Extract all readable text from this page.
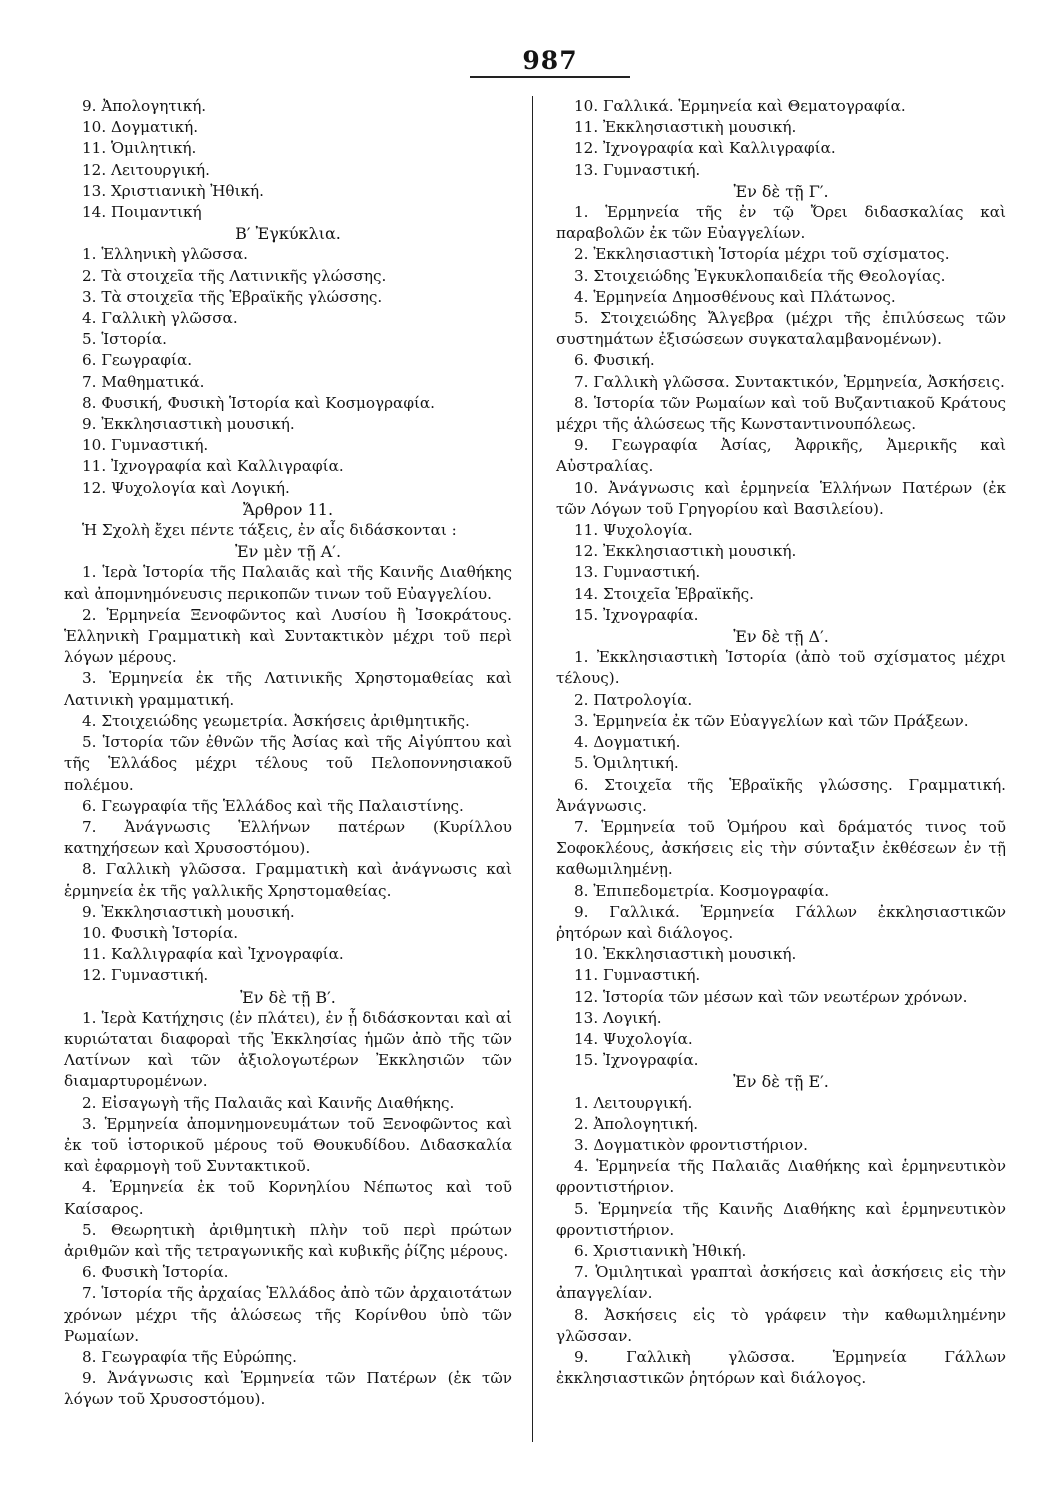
987

9. Ἀπολογητική.

10. Δογματική.

11. Ὁμιλητική.

12. Λειτουργική.

13. Χριστιανικὴ Ἠθική.

14. Ποιμαντική

Β′ Ἐγκύκλια.

1. Ἑλληνικὴ γλῶσσα.

2. Τὰ στοιχεῖα τῆς Λατινικῆς γλώσσης.

3. Τὰ στοιχεῖα τῆς Ἑβραϊκῆς γλώσσης.

4. Γαλλικὴ γλῶσσα.

5. Ἱστορία.

6. Γεωγραφία.

7. Μαθηματικά.

8. Φυσική, Φυσικὴ Ἱστορία καὶ Κοσμογραφία.

9. Ἐκκλησιαστικὴ μουσική.

10. Γυμναστική.

11. Ἰχνογραφία καὶ Καλλιγραφία.

12. Ψυχολογία καὶ Λογική.

Ἄρθρον 11.

Ἡ Σχολὴ ἔχει πέντε τάξεις, ἐν αἷς διδάσκονται :

Ἐν μὲν τῇ Α′.

1. Ἱερὰ Ἱστορία τῆς Παλαιᾶς καὶ τῆς Καινῆς Διαθήκης καὶ ἀπομνημόνευσις περικοπῶν τινων τοῦ Εὐαγγελίου.

2. Ἑρμηνεία Ξενοφῶντος καὶ Λυσίου ἢ Ἰσοκράτους. Ἑλληνικὴ Γραμματικὴ καὶ Συντακτικὸν μέχρι τοῦ περὶ λόγων μέρους.

3. Ἑρμηνεία ἐκ τῆς Λατινικῆς Χρηστομαθείας καὶ Λατινικὴ γραμματική.

4. Στοιχειώδης γεωμετρία. Ἀσκήσεις ἀριθμητικῆς.

5. Ἱστορία τῶν ἐθνῶν τῆς Ἀσίας καὶ τῆς Αἰγύπτου καὶ τῆς Ἑλλάδος μέχρι τέλους τοῦ Πελοποννησιακοῦ πολέμου.

6. Γεωγραφία τῆς Ἑλλάδος καὶ τῆς Παλαιστίνης.

7. Ἀνάγνωσις Ἑλλήνων πατέρων (Κυρίλλου κατηχήσεων καὶ Χρυσοστόμου).

8. Γαλλικὴ γλῶσσα. Γραμματικὴ καὶ ἀνάγνωσις καὶ ἑρμηνεία ἐκ τῆς γαλλικῆς Χρηστομαθείας.

9. Ἐκκλησιαστικὴ μουσική.

10. Φυσικὴ Ἱστορία.

11. Καλλιγραφία καὶ Ἰχνογραφία.

12. Γυμναστική.

Ἐν δὲ τῇ Β′.

1. Ἱερὰ Κατήχησις (ἐν πλάτει), ἐν ᾗ διδάσκονται καὶ αἱ κυριώταται διαφοραὶ τῆς Ἐκκλησίας ἡμῶν ἀπὸ τῆς τῶν Λατίνων καὶ τῶν ἀξιολογωτέρων Ἐκκλησιῶν τῶν διαμαρτυρομένων.

2. Εἰσαγωγὴ τῆς Παλαιᾶς καὶ Καινῆς Διαθήκης.

3. Ἑρμηνεία ἀπομνημονευμάτων τοῦ Ξενοφῶντος καὶ ἐκ τοῦ ἱστορικοῦ μέρους τοῦ Θουκυδίδου. Διδασκαλία καὶ ἐφαρμογὴ τοῦ Συντακτικοῦ.

4. Ἑρμηνεία ἐκ τοῦ Κορνηλίου Νέπωτος καὶ τοῦ Καίσαρος.

5. Θεωρητικὴ ἀριθμητικὴ πλὴν τοῦ περὶ πρώτων ἀριθμῶν καὶ τῆς τετραγωνικῆς καὶ κυβικῆς ῥίζης μέρους.

6. Φυσικὴ Ἱστορία.

7. Ἱστορία τῆς ἀρχαίας Ἑλλάδος ἀπὸ τῶν ἀρχαιοτάτων χρόνων μέχρι τῆς ἁλώσεως τῆς Κορίνθου ὑπὸ τῶν Ρωμαίων.

8. Γεωγραφία τῆς Εὐρώπης.

9. Ἀνάγνωσις καὶ Ἑρμηνεία τῶν Πατέρων (ἐκ τῶν λόγων τοῦ Χρυσοστόμου).

10. Γαλλικά. Ἑρμηνεία καὶ Θεματογραφία.

11. Ἐκκλησιαστικὴ μουσική.

12. Ἰχνογραφία καὶ Καλλιγραφία.

13. Γυμναστική.

Ἐν δὲ τῇ Γ′.

1. Ἑρμηνεία τῆς ἐν τῷ Ὄρει διδασκαλίας καὶ παραβολῶν ἐκ τῶν Εὐαγγελίων.

2. Ἐκκλησιαστικὴ Ἱστορία μέχρι τοῦ σχίσματος.

3. Στοιχειώδης Ἐγκυκλοπαιδεία τῆς Θεολογίας.

4. Ἑρμηνεία Δημοσθένους καὶ Πλάτωνος.

5. Στοιχειώδης Ἄλγεβρα (μέχρι τῆς ἐπιλύσεως τῶν συστημάτων ἐξισώσεων συγκαταλαμβανομένων).

6. Φυσική.

7. Γαλλικὴ γλῶσσα. Συντακτικόν, Ἑρμηνεία, Ἀσκήσεις.

8. Ἱστορία τῶν Ρωμαίων καὶ τοῦ Βυζαντιακοῦ Κράτους μέχρι τῆς ἁλώσεως τῆς Κωνσταντινουπόλεως.

9. Γεωγραφία Ἀσίας, Ἀφρικῆς, Ἀμερικῆς καὶ Αὐστραλίας.

10. Ἀνάγνωσις καὶ ἑρμηνεία Ἑλλήνων Πατέρων (ἐκ τῶν Λόγων τοῦ Γρηγορίου καὶ Βασιλείου).

11. Ψυχολογία.

12. Ἐκκλησιαστικὴ μουσική.

13. Γυμναστική.

14. Στοιχεῖα Ἑβραϊκῆς.

15. Ἰχνογραφία.

Ἐν δὲ τῇ Δ′.

1. Ἐκκλησιαστικὴ Ἱστορία (ἀπὸ τοῦ σχίσματος μέχρι τέλους).

2. Πατρολογία.

3. Ἑρμηνεία ἐκ τῶν Εὐαγγελίων καὶ τῶν Πράξεων.

4. Δογματική.

5. Ὁμιλητική.

6. Στοιχεῖα τῆς Ἑβραϊκῆς γλώσσης. Γραμματική. Ἀνάγνωσις.

7. Ἑρμηνεία τοῦ Ὁμήρου καὶ δράματός τινος τοῦ Σοφοκλέους, ἀσκήσεις εἰς τὴν σύνταξιν ἐκθέσεων ἐν τῇ καθωμιλημένῃ.

8. Ἐπιπεδομετρία. Κοσμογραφία.

9. Γαλλικά. Ἑρμηνεία Γάλλων ἐκκλησιαστικῶν ῥητόρων καὶ διάλογος.

10. Ἐκκλησιαστικὴ μουσική.

11. Γυμναστική.

12. Ἱστορία τῶν μέσων καὶ τῶν νεωτέρων χρόνων.

13. Λογική.

14. Ψυχολογία.

15. Ἰχνογραφία.

Ἐν δὲ τῇ Ε′.

1. Λειτουργική.

2. Ἀπολογητική.

3. Δογματικὸν φροντιστήριον.

4. Ἑρμηνεία τῆς Παλαιᾶς Διαθήκης καὶ ἑρμηνευτικὸν φροντιστήριον.

5. Ἑρμηνεία τῆς Καινῆς Διαθήκης καὶ ἑρμηνευτικὸν φροντιστήριον.

6. Χριστιανικὴ Ἠθική.

7. Ὁμιλητικαὶ γραπταὶ ἀσκήσεις καὶ ἀσκήσεις εἰς τὴν ἀπαγγελίαν.

8. Ἀσκήσεις εἰς τὸ γράφειν τὴν καθωμιλημένην γλῶσσαν.

9. Γαλλικὴ γλῶσσα. Ἑρμηνεία Γάλλων ἐκκλησιαστικῶν ῥητόρων καὶ διάλογος.
